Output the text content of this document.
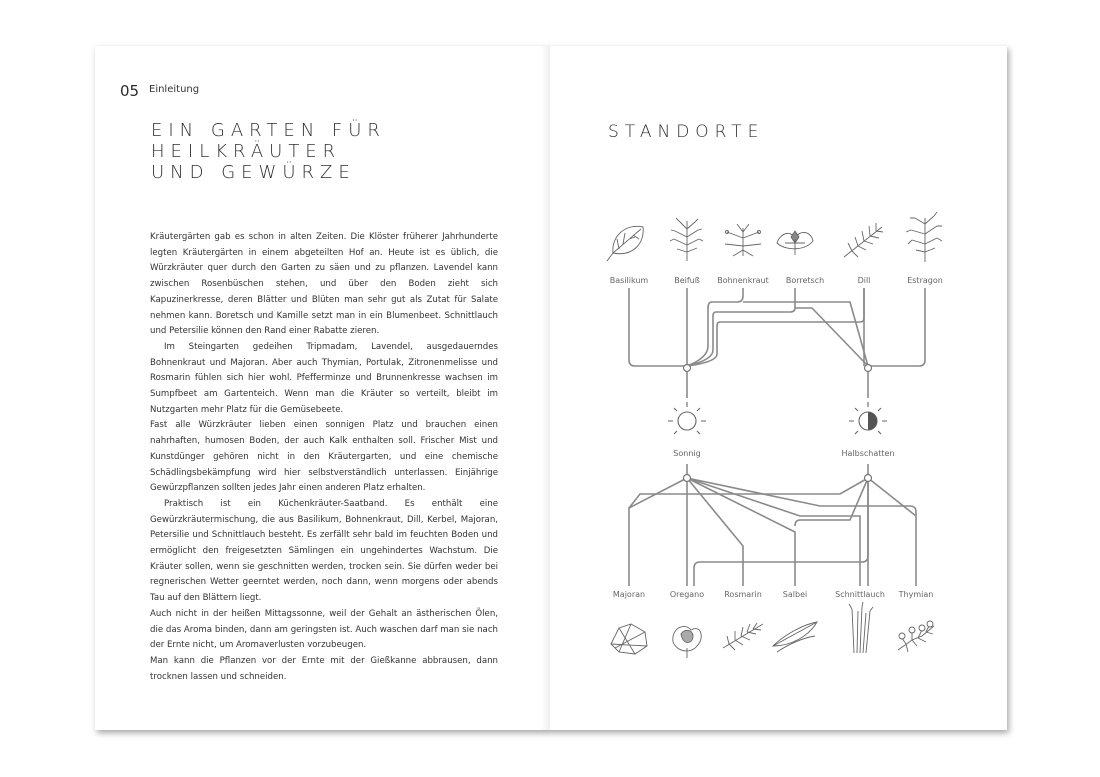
05 Einleitung
EIN GARTEN FÜR
HEILKRÄUTER
UND GEWÜRZE

Kräutergärten gab es schon in alten Zeiten. Die Klöster früherer Jahrhunderte legten Kräutergärten in einem abgeteilten Hof an. Heute ist es üblich, die Würzkräuter quer durch den Garten zu säen und zu pflanzen. Lavendel kann zwischen Rosenbüschen stehen, und über den Boden zieht sich Kapuzinerkresse, deren Blätter und Blüten man sehr gut als Zutat für Salate nehmen kann. Boretsch und Kamille setzt man in ein Blumenbeet. Schnittlauch und Petersilie können den Rand einer Rabatte zieren.

Im Steingarten gedeihen Tripmadam, Lavendel, ausgedauerndes Bohnenkraut und Majoran. Aber auch Thymian, Portulak, Zitronenmelisse und Rosmarin fühlen sich hier wohl. Pfefferminze und Brunnenkresse wachsen im Sumpfbeet am Gartenteich. Wenn man die Kräuter so verteilt, bleibt im Nutzgarten mehr Platz für die Gemüsebeete.

Fast alle Würzkräuter lieben einen sonnigen Platz und brauchen einen nahrhaften, humosen Boden, der auch Kalk enthalten soll. Frischer Mist und Kunstdünger gehören nicht in den Kräutergarten, und eine chemische Schädlingsbekämpfung wird hier selbstverständlich unterlassen. Einjährige Gewürzpflanzen sollten jedes Jahr einen anderen Platz erhalten.

Praktisch ist ein Küchenkräuter-Saatband. Es enthält eine Gewürzkräutermischung, die aus Basilikum, Bohnenkraut, Dill, Kerbel, Majoran, Petersilie und Schnittlauch besteht. Es zerfällt sehr bald im feuchten Boden und ermöglicht den freigesetzten Sämlingen ein ungehindertes Wachstum. Die Kräuter sollen, wenn sie geschnitten werden, trocken sein. Sie dürfen weder bei regnerischen Wetter geerntet werden, noch dann, wenn morgens oder abends Tau auf den Blättern liegt.

Auch nicht in der heißen Mittagssonne, weil der Gehalt an ästherischen Ölen, die das Aroma binden, dann am geringsten ist. Auch waschen darf man sie nach der Ernte nicht, um Aromaverlusten vorzubeugen.

Man kann die Pflanzen vor der Ernte mit der Gießkanne abbrausen, dann trocknen lassen und schneiden.

STANDORTE
Basilikum	Beifuß Bohnenkraut Borretsch	Dill	Estragon
Sonnig	Halbschatten
Majoran	Oregano	Rosmarin	Salbei	Schnittlauch Thymian
